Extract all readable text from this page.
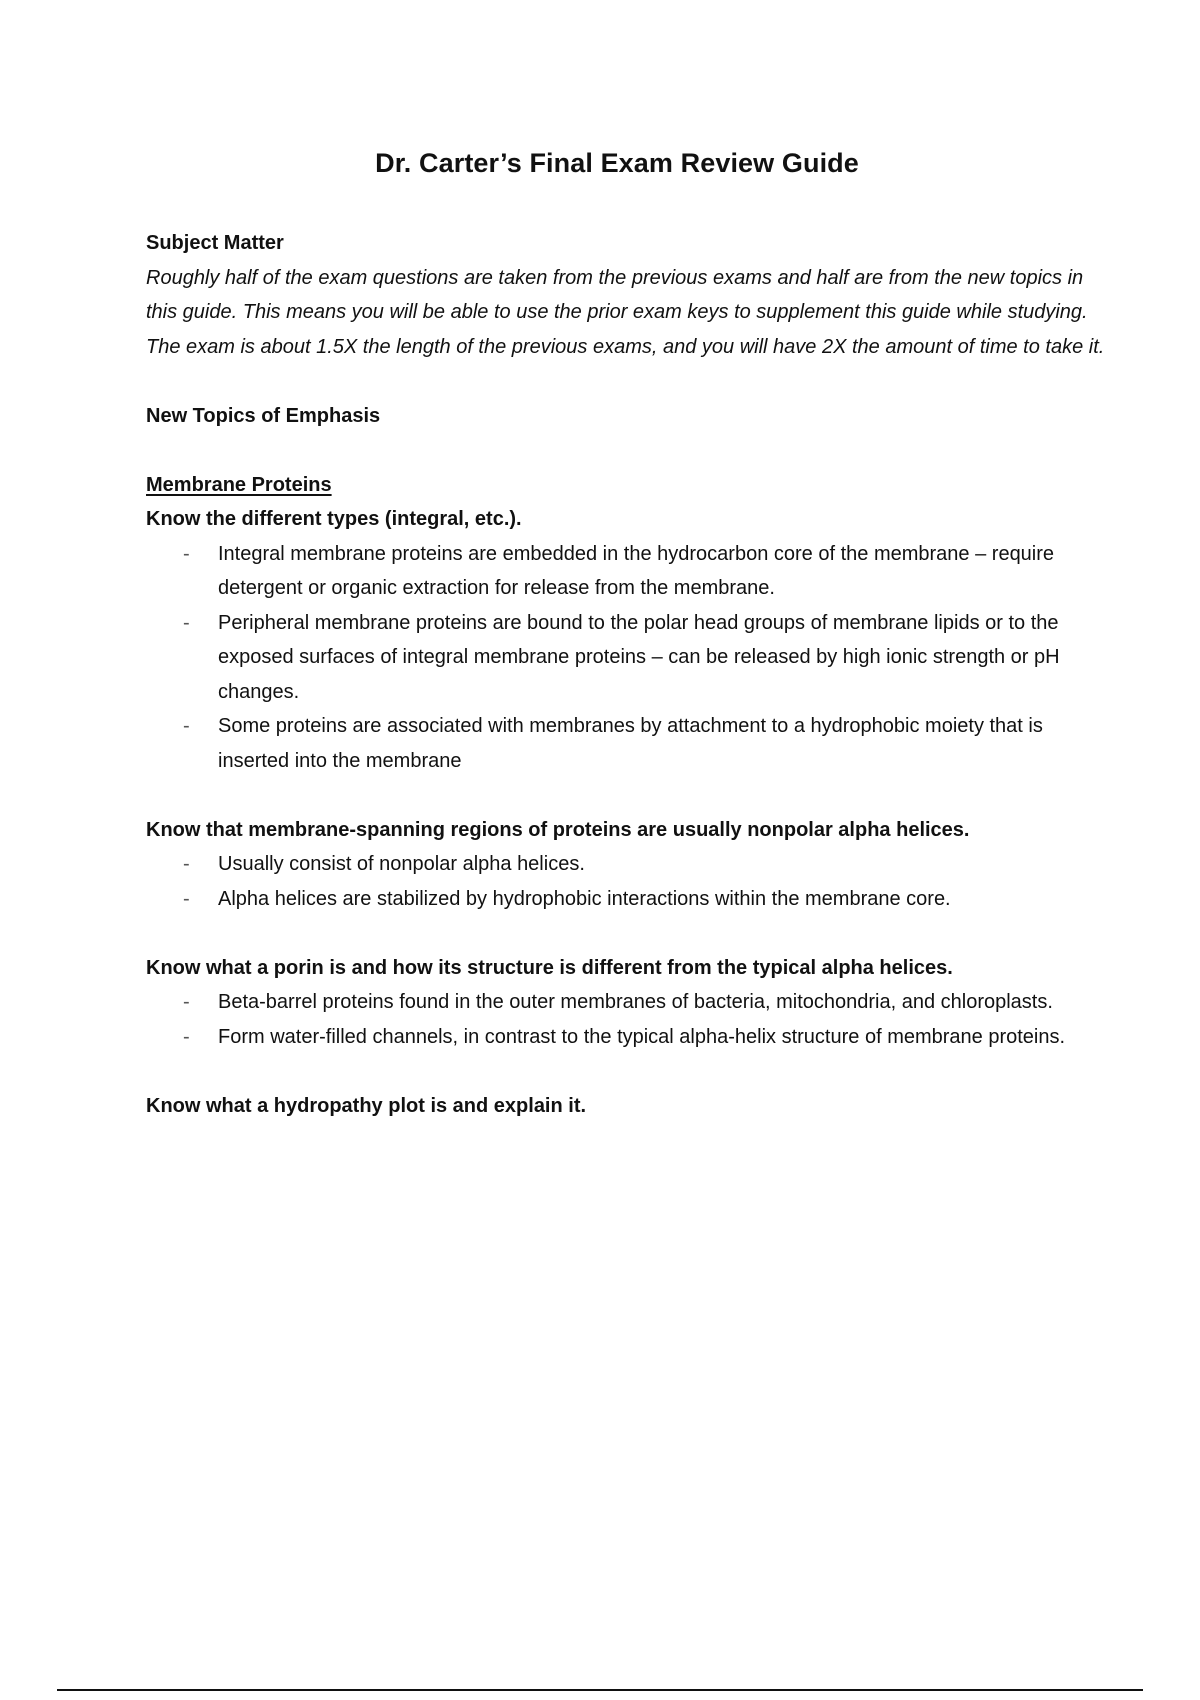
Dr. Carter’s Final Exam Review Guide
Subject Matter
Roughly half of the exam questions are taken from the previous exams and half are from the new topics in this guide. This means you will be able to use the prior exam keys to supplement this guide while studying. The exam is about 1.5X the length of the previous exams, and you will have 2X the amount of time to take it.
New Topics of Emphasis
Membrane Proteins
Know the different types (integral, etc.).
- Integral membrane proteins are embedded in the hydrocarbon core of the membrane – require detergent or organic extraction for release from the membrane.
- Peripheral membrane proteins are bound to the polar head groups of membrane lipids or to the exposed surfaces of integral membrane proteins – can be released by high ionic strength or pH changes.
- Some proteins are associated with membranes by attachment to a hydrophobic moiety that is inserted into the membrane
Know that membrane-spanning regions of proteins are usually nonpolar alpha helices.
- Usually consist of nonpolar alpha helices.
- Alpha helices are stabilized by hydrophobic interactions within the membrane core.
Know what a porin is and how its structure is different from the typical alpha helices.
- Beta-barrel proteins found in the outer membranes of bacteria, mitochondria, and chloroplasts.
- Form water-filled channels, in contrast to the typical alpha-helix structure of membrane proteins.
Know what a hydropathy plot is and explain it.
